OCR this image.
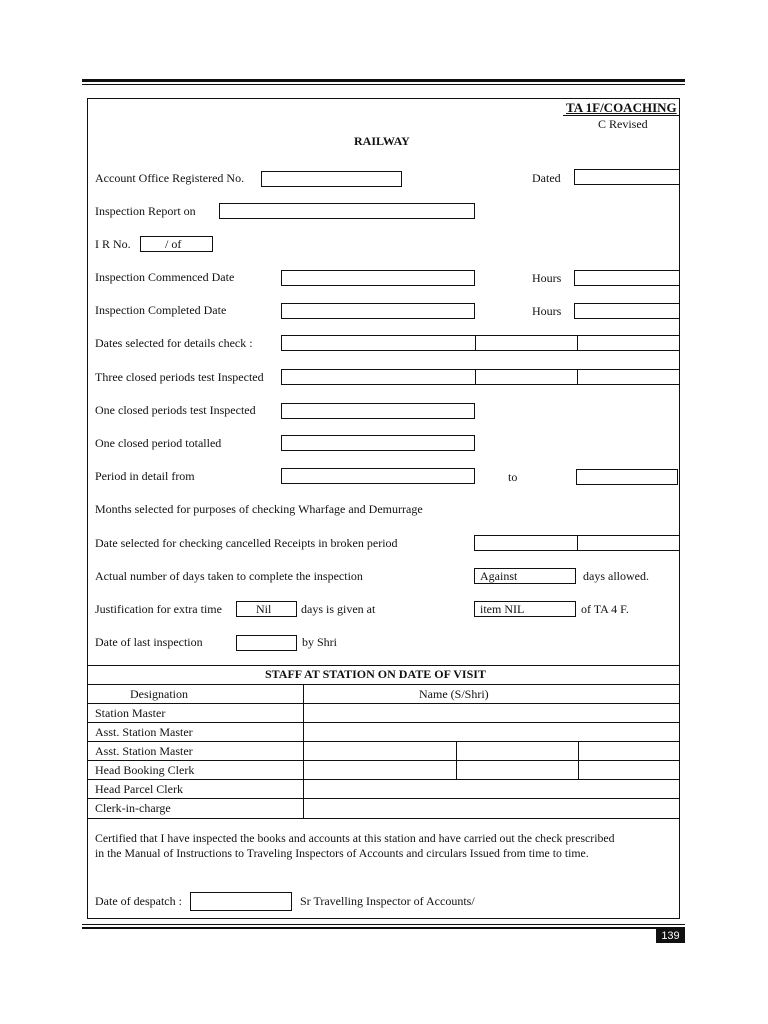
TA 1F/COACHING
C Revised
RAILWAY
Account Office Registered No.	Dated
Inspection Report on
I R No.	/ of
Inspection Commenced Date	Hours
Inspection Completed Date	Hours
Dates selected for details check :
Three closed periods test Inspected
One closed periods test Inspected
One closed period totalled
Period in detail from	to
Months selected for purposes of checking Wharfage and Demurrage
Date selected for checking cancelled Receipts in broken period
Actual number of days taken to complete the inspection	Against	days allowed.
Justification for extra time	Nil	days is given at	item NIL	of TA 4 F.
Date of last inspection	by Shri
STAFF AT STATION ON DATE OF VISIT
Designation	Name (S/Shri)
Station Master
Asst. Station Master
Asst. Station Master
Head Booking Clerk
Head Parcel Clerk
Clerk-in-charge
Certified that I have inspected the books and accounts at this station and have carried out the check prescribed
in the Manual of Instructions to Traveling Inspectors of Accounts and circulars Issued from time to time.
Date of despatch :	Sr Travelling Inspector of Accounts/
139
